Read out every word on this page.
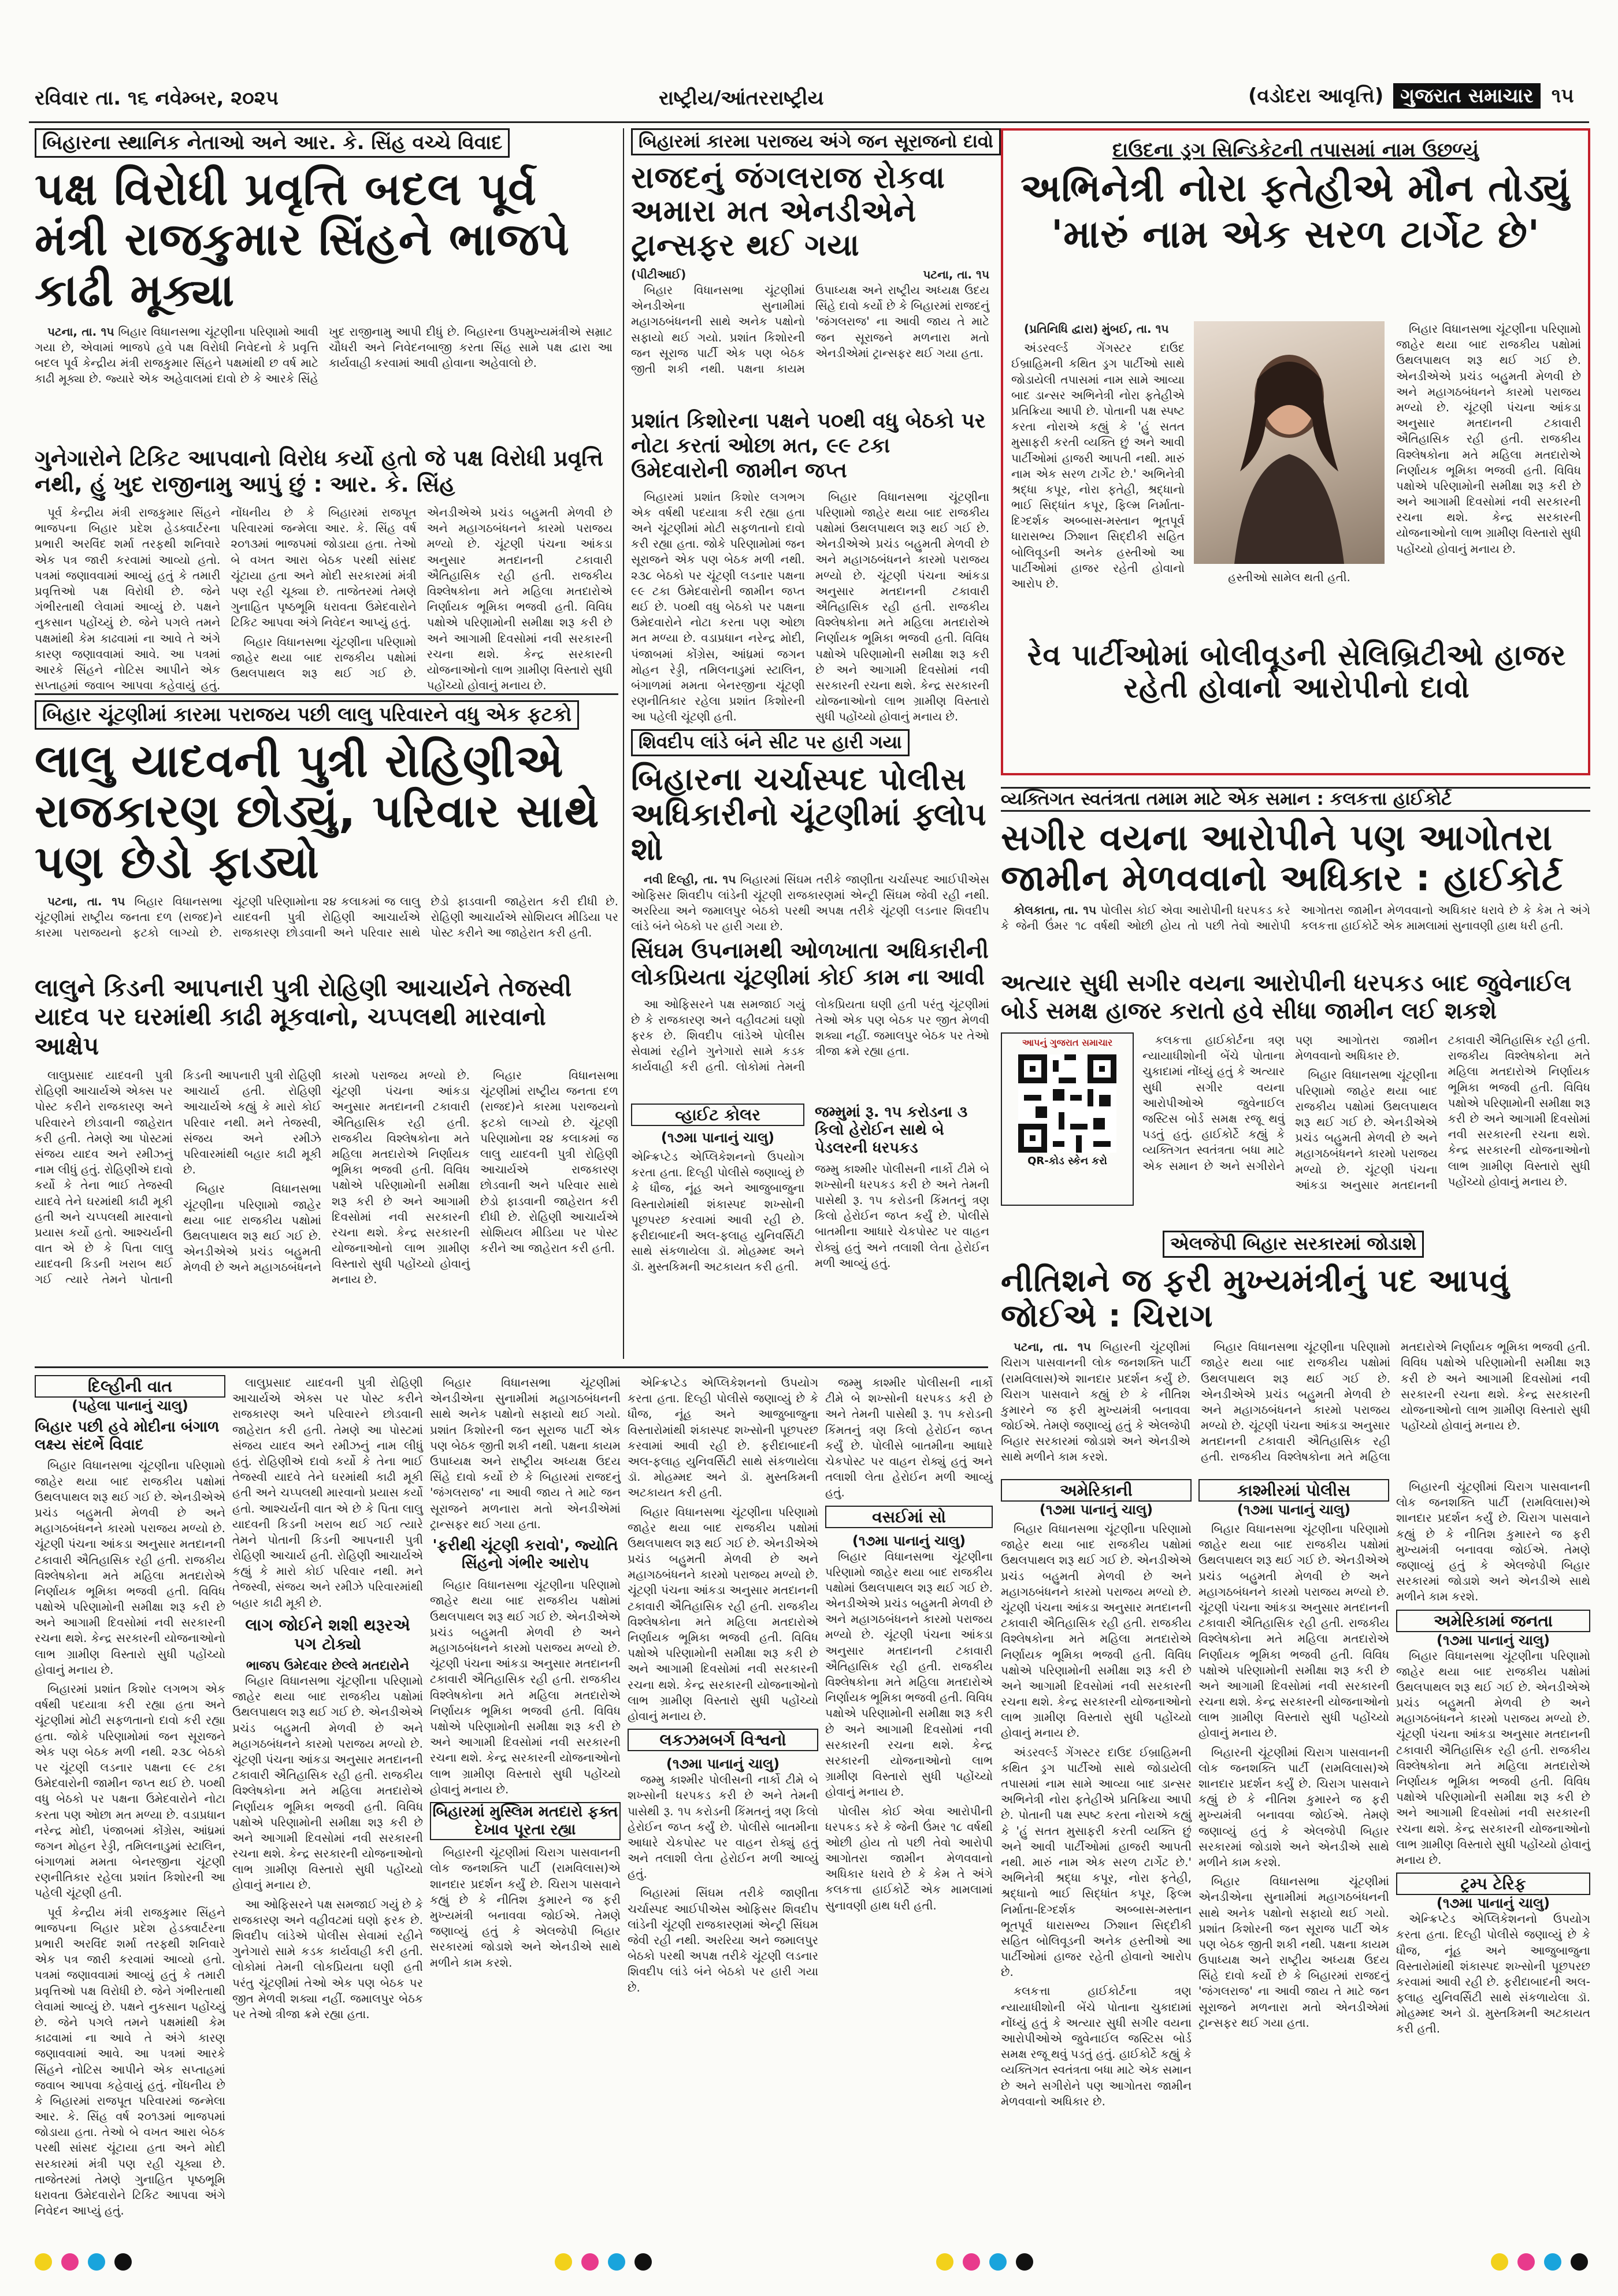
રવિવાર તા. ૧૬ નવેમ્બર, ૨૦૨૫	રાષ્ટ્રીય/આંતરરાષ્ટ્રીય	(વડોદરા આવૃત્તિ) ગુજરાત સમાચાર ૧૫
બિહારના સ્થાનિક નેતાઓ અને આર. કે. સિંહ વચ્ચે વિવાદ
પક્ષ વિરોધી પ્રવૃત્તિ બદલ પૂર્વ મંત્રી રાજકુમાર સિંહને ભાજપે કાઢી મૂક્યા

પટના, તા. ૧૫ બિહાર વિધાનસભા ચૂંટણીના પરિણામો આવી ગયા છે, એવામાં ભાજપે હવે પક્ષ વિરોધી નિવેદનો કે પ્રવૃત્તિ બદલ પૂર્વ કેન્દ્રીય મંત્રી રાજકુમાર સિંહને પક્ષમાંથી છ વર્ષ માટે કાઢી મૂક્યા છે. જ્યારે એક અહેવાલમાં દાવો છે કે આરકે સિંહે ખુદ રાજીનામુ આપી દીધું છે. બિહારના ઉપમુખ્યમંત્રીએ સમ્રાટ ચૌધરી અને નિવેદનબાજી કરતા સિંહ સામે પક્ષ દ્વારા આ કાર્યવાહી કરવામાં આવી હોવાના અહેવાલો છે.

ગુનેગારોને ટિકિટ આપવાનો વિરોધ કર્યો હતો જે પક્ષ વિરોધી પ્રવૃત્તિ નથી, હું ખુદ રાજીનામુ આપું છું : આર. કે. સિંહ

પૂર્વ કેન્દ્રીય મંત્રી રાજકુમાર સિંહને ભાજપના બિહાર પ્રદેશ હેડક્વાર્ટરના પ્રભારી અરવિંદ શર્મા તરફથી શનિવારે એક પત્ર જારી કરવામાં આવ્યો હતો. પત્રમાં જણાવવામાં આવ્યું હતું કે તમારી પ્રવૃત્તિઓ પક્ષ વિરોધી છે. જેને ગંભીરતાથી લેવામાં આવ્યું છે. પક્ષને નુકસાન પહોંચ્યું છે. જેને પગલે તમને પક્ષમાંથી કેમ કાઢવામાં ના આવે તે અંગે કારણ જણાવવામાં આવે. આ પત્રમાં આરકે સિંહને નોટિસ આપીને એક સપ્તાહમાં જવાબ આપવા કહેવાયું હતું. નોંધનીય છે કે બિહારમાં રાજપૂત પરિવારમાં જન્મેલા આર. કે. સિંહ વર્ષ ૨૦૧૩માં ભાજપમાં જોડાયા હતા. તેઓ બે વખત આરા બેઠક પરથી સાંસદ ચૂંટાયા હતા અને મોદી સરકારમાં મંત્રી પણ રહી ચૂક્યા છે. તાજેતરમાં તેમણે ગુનાહિત પૃષ્ઠભૂમિ ધરાવતા ઉમેદવારોને ટિકિટ આપવા અંગે નિવેદન આપ્યું હતું.

બિહાર વિધાનસભા ચૂંટણીના પરિણામો જાહેર થયા બાદ રાજકીય પક્ષોમાં ઉથલપાથલ શરૂ થઈ ગઈ છે. એનડીએએ પ્રચંડ બહુમતી મેળવી છે અને મહાગઠબંધનને કારમો પરાજય મળ્યો છે. ચૂંટણી પંચના આંકડા અનુસાર મતદાનની ટકાવારી ઐતિહાસિક રહી હતી. રાજકીય વિશ્લેષકોના મતે મહિલા મતદારોએ નિર્ણાયક ભૂમિકા ભજવી હતી. વિવિધ પક્ષોએ પરિણામોની સમીક્ષા શરૂ કરી છે અને આગામી દિવસોમાં નવી સરકારની રચના થશે. કેન્દ્ર સરકારની યોજનાઓનો લાભ ગ્રામીણ વિસ્તારો સુધી પહોંચ્યો હોવાનું મનાય છે.

બિહારમાં કારમા પરાજય અંગે જન સૂરાજનો દાવો
રાજદનું જંગલરાજ રોકવા અમારા મત એનડીએને ટ્રાન્સફર થઈ ગયા
(પીટીઆઈ)	પટના, તા. ૧૫

બિહાર વિધાનસભા ચૂંટણીમાં એનડીએના સુનામીમાં મહાગઠબંધનની સાથે અનેક પક્ષોનો સફાયો થઈ ગયો. પ્રશાંત કિશોરની જન સૂરાજ પાર્ટી એક પણ બેઠક જીતી શકી નથી. પક્ષના કાયમ ઉપાધ્યક્ષ અને રાષ્ટ્રીય અધ્યક્ષ ઉદય સિંહે દાવો કર્યો છે કે બિહારમાં રાજદનું 'જંગલરાજ' ના આવી જાય તે માટે જન સૂરાજને મળનારા મતો એનડીએમાં ટ્રાન્સફર થઈ ગયા હતા.

પ્રશાંત કિશોરના પક્ષને ૫૦થી વધુ બેઠકો પર નોટા કરતાં ઓછા મત, ૯૯ ટકા ઉમેદવારોની જામીન જપ્ત

બિહારમાં પ્રશાંત કિશોર લગભગ એક વર્ષથી પદયાત્રા કરી રહ્યા હતા અને ચૂંટણીમાં મોટી સફળતાનો દાવો કરી રહ્યા હતા. જોકે પરિણામોમાં જન સૂરાજને એક પણ બેઠક મળી નથી. ૨૩૮ બેઠકો પર ચૂંટણી લડનાર પક્ષના ૯૯ ટકા ઉમેદવારોની જામીન જપ્ત થઈ છે. ૫૦થી વધુ બેઠકો પર પક્ષના ઉમેદવારોને નોટા કરતા પણ ઓછા મત મળ્યા છે. વડાપ્રધાન નરેન્દ્ર મોદી, પંજાબમાં કોંગ્રેસ, આંધ્રમાં જગન મોહન રેડ્ડી, તમિલનાડુમાં સ્ટાલિન, બંગાળમાં મમતા બેનરજીના ચૂંટણી રણનીતિકાર રહેલા પ્રશાંત કિશોરની આ પહેલી ચૂંટણી હતી.

બિહાર વિધાનસભા ચૂંટણીના પરિણામો જાહેર થયા બાદ રાજકીય પક્ષોમાં ઉથલપાથલ શરૂ થઈ ગઈ છે. એનડીએએ પ્રચંડ બહુમતી મેળવી છે અને મહાગઠબંધનને કારમો પરાજય મળ્યો છે. ચૂંટણી પંચના આંકડા અનુસાર મતદાનની ટકાવારી ઐતિહાસિક રહી હતી. રાજકીય વિશ્લેષકોના મતે મહિલા મતદારોએ નિર્ણાયક ભૂમિકા ભજવી હતી. વિવિધ પક્ષોએ પરિણામોની સમીક્ષા શરૂ કરી છે અને આગામી દિવસોમાં નવી સરકારની રચના થશે. કેન્દ્ર સરકારની યોજનાઓનો લાભ ગ્રામીણ વિસ્તારો સુધી પહોંચ્યો હોવાનું મનાય છે.

દાઉદના ડ્રગ સિન્ડિકેટની તપાસમાં નામ ઉછળ્યું
અભિનેત્રી નોરા ફતેહીએ મૌન તોડ્યું
'મારું નામ એક સરળ ટાર્ગેટ છે'

(પ્રતિનિધિ દ્વારા) મુંબઈ, તા. ૧૫

અંડરવર્લ્ડ ગેંગસ્ટર દાઉદ ઈબ્રાહિમની કથિત ડ્રગ પાર્ટીઓ સાથે જોડાયેલી તપાસમાં નામ સામે આવ્યા બાદ ડાન્સર અભિનેત્રી નોરા ફતેહીએ પ્રતિક્રિયા આપી છે. પોતાની પક્ષ સ્પષ્ટ કરતા નોરાએ કહ્યું કે 'હું સતત મુસાફરી કરતી વ્યક્તિ છું અને આવી પાર્ટીઓમાં હાજરી આપતી નથી. મારું નામ એક સરળ ટાર્ગેટ છે.' અભિનેત્રી શ્રદ્ધા કપૂર, નોરા ફતેહી, શ્રદ્ધાનો ભાઈ સિદ્ધાંત કપૂર, ફિલ્મ નિર્માતા-દિગ્દર્શક અબ્બાસ-મસ્તાન ભૂતપૂર્વ ધારાસભ્ય ઝિશાન સિદ્દીકી સહિત બોલિવૂડની અનેક હસ્તીઓ આ પાર્ટીઓમાં હાજર રહેતી હોવાનો આરોપ છે.	હસ્તીઓ સામેલ થતી હતી.

બિહાર વિધાનસભા ચૂંટણીના પરિણામો જાહેર થયા બાદ રાજકીય પક્ષોમાં ઉથલપાથલ શરૂ થઈ ગઈ છે. એનડીએએ પ્રચંડ બહુમતી મેળવી છે અને મહાગઠબંધનને કારમો પરાજય મળ્યો છે. ચૂંટણી પંચના આંકડા અનુસાર મતદાનની ટકાવારી ઐતિહાસિક રહી હતી. રાજકીય વિશ્લેષકોના મતે મહિલા મતદારોએ નિર્ણાયક ભૂમિકા ભજવી હતી. વિવિધ પક્ષોએ પરિણામોની સમીક્ષા શરૂ કરી છે અને આગામી દિવસોમાં નવી સરકારની રચના થશે. કેન્દ્ર સરકારની યોજનાઓનો લાભ ગ્રામીણ વિસ્તારો સુધી પહોંચ્યો હોવાનું મનાય છે.

રેવ પાર્ટીઓમાં બોલીવૂડની સેલિબ્રિટીઓ હાજર રહેતી હોવાનો આરોપીનો દાવો
બિહાર ચૂંટણીમાં કારમા પરાજય પછી લાલુ પરિવારને વધુ એક ફટકો
લાલુ યાદવની પુત્રી રોહિણીએ રાજકારણ છોડ્યું, પરિવાર સાથે પણ છેડો ફાડ્યો

પટના, તા. ૧૫ બિહાર વિધાનસભા ચૂંટણીમાં રાષ્ટ્રીય જનતા દળ (રાજદ)ને કારમા પરાજયનો ફટકો લાગ્યો છે. ચૂંટણી પરિણામોના ૨૪ કલાકમાં જ લાલુ યાદવની પુત્રી રોહિણી આચાર્યએ રાજકારણ છોડવાની અને પરિવાર સાથે છેડો ફાડવાની જાહેરાત કરી દીધી છે. રોહિણી આચાર્યએ સોશિયલ મીડિયા પર પોસ્ટ કરીને આ જાહેરાત કરી હતી.

લાલુને કિડની આપનારી પુત્રી રોહિણી આચાર્યને તેજસ્વી યાદવ પર ઘરમાંથી કાઢી મૂકવાનો, ચપ્પલથી મારવાનો આક્ષેપ

લાલુપ્રસાદ યાદવની પુત્રી રોહિણી આચાર્યએ એક્સ પર પોસ્ટ કરીને રાજકારણ અને પરિવારને છોડવાની જાહેરાત કરી હતી. તેમણે આ પોસ્ટમાં સંજય યાદવ અને રમીઝનું નામ લીધું હતું. રોહિણીએ દાવો કર્યો કે તેના ભાઈ તેજસ્વી યાદવે તેને ઘરમાંથી કાઢી મૂકી હતી અને ચપ્પલથી મારવાનો પ્રયાસ કર્યો હતો. આશ્ચર્યની વાત એ છે કે પિતા લાલુ યાદવની કિડની ખરાબ થઈ ગઈ ત્યારે તેમને પોતાની કિડની આપનારી પુત્રી રોહિણી આચાર્ય હતી. રોહિણી આચાર્યએ કહ્યું કે મારો કોઈ પરિવાર નથી. મને તેજસ્વી, સંજય અને રમીઝે પરિવારમાંથી બહાર કાઢી મૂકી છે.

બિહાર વિધાનસભા ચૂંટણીના પરિણામો જાહેર થયા બાદ રાજકીય પક્ષોમાં ઉથલપાથલ શરૂ થઈ ગઈ છે. એનડીએએ પ્રચંડ બહુમતી મેળવી છે અને મહાગઠબંધનને કારમો પરાજય મળ્યો છે. ચૂંટણી પંચના આંકડા અનુસાર મતદાનની ટકાવારી ઐતિહાસિક રહી હતી. રાજકીય વિશ્લેષકોના મતે મહિલા મતદારોએ નિર્ણાયક ભૂમિકા ભજવી હતી. વિવિધ પક્ષોએ પરિણામોની સમીક્ષા શરૂ કરી છે અને આગામી દિવસોમાં નવી સરકારની રચના થશે. કેન્દ્ર સરકારની યોજનાઓનો લાભ ગ્રામીણ વિસ્તારો સુધી પહોંચ્યો હોવાનું મનાય છે.

બિહાર વિધાનસભા ચૂંટણીમાં રાષ્ટ્રીય જનતા દળ (રાજદ)ને કારમા પરાજયનો ફટકો લાગ્યો છે. ચૂંટણી પરિણામોના ૨૪ કલાકમાં જ લાલુ યાદવની પુત્રી રોહિણી આચાર્યએ રાજકારણ છોડવાની અને પરિવાર સાથે છેડો ફાડવાની જાહેરાત કરી દીધી છે. રોહિણી આચાર્યએ સોશિયલ મીડિયા પર પોસ્ટ કરીને આ જાહેરાત કરી હતી.

શિવદીપ લાંડે બંને સીટ પર હારી ગયા
બિહારના ચર્ચાસ્પદ પોલીસ અધિકારીનો ચૂંટણીમાં ફ્લોપ શો

નવી દિલ્હી, તા. ૧૫ બિહારમાં સિંઘમ તરીકે જાણીતા ચર્ચાસ્પદ આઈપીએસ ઓફિસર શિવદીપ લાંડેની ચૂંટણી રાજકારણમાં એન્ટ્રી સિંઘમ જેવી રહી નથી. અરરિયા અને જમાલપુર બેઠકો પરથી અપક્ષ તરીકે ચૂંટણી લડનાર શિવદીપ લાંડે બંને બેઠકો પર હારી ગયા છે.

સિંઘમ ઉપનામથી ઓળખાતા અધિકારીની લોકપ્રિયતા ચૂંટણીમાં કોઈ કામ ના આવી

આ ઓફિસરને પક્ષ સમજાઈ ગયું છે કે રાજકારણ અને વહીવટમાં ઘણો ફરક છે. શિવદીપ લાંડેએ પોલીસ સેવામાં રહીને ગુનેગારો સામે કડક કાર્યવાહી કરી હતી. લોકોમાં તેમની લોકપ્રિયતા ઘણી હતી પરંતુ ચૂંટણીમાં તેઓ એક પણ બેઠક પર જીત મેળવી શક્યા નહીં. જમાલપુર બેઠક પર તેઓ ત્રીજા ક્રમે રહ્યા હતા.

વ્હાઈટ કોલર
(૧૭મા પાનાનું ચાલુ)
એન્ક્રિપ્ટેડ એપ્લિકેશનનો ઉપયોગ કરતા હતા. દિલ્હી પોલીસે જણાવ્યું છે કે ધૌજ, નૂંહ અને આજુબાજુના વિસ્તારોમાંથી શંકાસ્પદ શખ્સોની પૂછપરછ કરવામાં આવી રહી છે. ફરીદાબાદની અલ-ફલાહ યુનિવર્સિટી સાથે સંકળાયેલા ડૉ. મોહમ્મદ અને ડૉ. મુસ્તકિમની અટકાયત કરી હતી.
જમ્મુમાં રૂ. ૧૫ કરોડના ૩ કિલો હેરોઈન સાથે બે પેડલરની ધરપકડ
જમ્મુ કાશ્મીર પોલીસની નાર્કો ટીમે બે શખ્સોની ધરપકડ કરી છે અને તેમની પાસેથી રૂ. ૧૫ કરોડની કિંમતનું ત્રણ કિલો હેરોઈન જપ્ત કર્યું છે. પોલીસે બાતમીના આધારે ચેકપોસ્ટ પર વાહન રોક્યું હતું અને તલાશી લેતા હેરોઈન મળી આવ્યું હતું.
વ્યક્તિગત સ્વતંત્રતા તમામ માટે એક સમાન : કલકત્તા હાઈકોર્ટ
સગીર વયના આરોપીને પણ આગોતરા જામીન મેળવવાનો અધિકાર : હાઈકોર્ટ

કોલકાતા, તા. ૧૫ પોલીસ કોઈ એવા આરોપીની ધરપકડ કરે કે જેની ઉંમર ૧૮ વર્ષથી ઓછી હોય તો પછી તેવો આરોપી આગોતરા જામીન મેળવવાનો અધિકાર ધરાવે છે કે કેમ તે અંગે કલકત્તા હાઈકોર્ટે એક મામલામાં સુનાવણી હાથ ધરી હતી.

અત્યાર સુધી સગીર વયના આરોપીની ધરપકડ બાદ જુવેનાઈલ બોર્ડ સમક્ષ હાજર કરાતો હવે સીધા જામીન લઈ શકશે
આપનું ગુજરાત સમાચાર
QR-કોડ સ્કેન કરો

કલકત્તા હાઈકોર્ટના ત્રણ ન્યાયાધીશોની બેંચે પોતાના ચુકાદામાં નોંધ્યું હતું કે અત્યાર સુધી સગીર વયના આરોપીઓએ જુવેનાઈલ જસ્ટિસ બોર્ડ સમક્ષ રજૂ થવું પડતું હતું. હાઈકોર્ટે કહ્યું કે વ્યક્તિગત સ્વતંત્રતા બધા માટે એક સમાન છે અને સગીરોને પણ આગોતરા જામીન મેળવવાનો અધિકાર છે.

બિહાર વિધાનસભા ચૂંટણીના પરિણામો જાહેર થયા બાદ રાજકીય પક્ષોમાં ઉથલપાથલ શરૂ થઈ ગઈ છે. એનડીએએ પ્રચંડ બહુમતી મેળવી છે અને મહાગઠબંધનને કારમો પરાજય મળ્યો છે. ચૂંટણી પંચના આંકડા અનુસાર મતદાનની ટકાવારી ઐતિહાસિક રહી હતી. રાજકીય વિશ્લેષકોના મતે મહિલા મતદારોએ નિર્ણાયક ભૂમિકા ભજવી હતી. વિવિધ પક્ષોએ પરિણામોની સમીક્ષા શરૂ કરી છે અને આગામી દિવસોમાં નવી સરકારની રચના થશે. કેન્દ્ર સરકારની યોજનાઓનો લાભ ગ્રામીણ વિસ્તારો સુધી પહોંચ્યો હોવાનું મનાય છે.

એલજેપી બિહાર સરકારમાં જોડાશે
નીતિશને જ ફરી મુખ્યમંત્રીનું પદ આપવું જોઈએ : ચિરાગ

પટના, તા. ૧૫ બિહારની ચૂંટણીમાં ચિરાગ પાસવાનની લોક જનશક્તિ પાર્ટી (રામવિલાસ)એ શાનદાર પ્રદર્શન કર્યું છે. ચિરાગ પાસવાને કહ્યું છે કે નીતિશ કુમારને જ ફરી મુખ્યમંત્રી બનાવવા જોઈએ. તેમણે જણાવ્યું હતું કે એલજેપી બિહાર સરકારમાં જોડાશે અને એનડીએ સાથે મળીને કામ કરશે.

બિહાર વિધાનસભા ચૂંટણીના પરિણામો જાહેર થયા બાદ રાજકીય પક્ષોમાં ઉથલપાથલ શરૂ થઈ ગઈ છે. એનડીએએ પ્રચંડ બહુમતી મેળવી છે અને મહાગઠબંધનને કારમો પરાજય મળ્યો છે. ચૂંટણી પંચના આંકડા અનુસાર મતદાનની ટકાવારી ઐતિહાસિક રહી હતી. રાજકીય વિશ્લેષકોના મતે મહિલા મતદારોએ નિર્ણાયક ભૂમિકા ભજવી હતી. વિવિધ પક્ષોએ પરિણામોની સમીક્ષા શરૂ કરી છે અને આગામી દિવસોમાં નવી સરકારની રચના થશે. કેન્દ્ર સરકારની યોજનાઓનો લાભ ગ્રામીણ વિસ્તારો સુધી પહોંચ્યો હોવાનું મનાય છે.

દિલ્હીની વાત
(પહેલા પાનાનું ચાલુ)
બિહાર પછી હવે મોદીના બંગાળ લક્ષ્ય સંદર્ભે વિવાદ

બિહાર વિધાનસભા ચૂંટણીના પરિણામો જાહેર થયા બાદ રાજકીય પક્ષોમાં ઉથલપાથલ શરૂ થઈ ગઈ છે. એનડીએએ પ્રચંડ બહુમતી મેળવી છે અને મહાગઠબંધનને કારમો પરાજય મળ્યો છે. ચૂંટણી પંચના આંકડા અનુસાર મતદાનની ટકાવારી ઐતિહાસિક રહી હતી. રાજકીય વિશ્લેષકોના મતે મહિલા મતદારોએ નિર્ણાયક ભૂમિકા ભજવી હતી. વિવિધ પક્ષોએ પરિણામોની સમીક્ષા શરૂ કરી છે અને આગામી દિવસોમાં નવી સરકારની રચના થશે. કેન્દ્ર સરકારની યોજનાઓનો લાભ ગ્રામીણ વિસ્તારો સુધી પહોંચ્યો હોવાનું મનાય છે.

બિહારમાં પ્રશાંત કિશોર લગભગ એક વર્ષથી પદયાત્રા કરી રહ્યા હતા અને ચૂંટણીમાં મોટી સફળતાનો દાવો કરી રહ્યા હતા. જોકે પરિણામોમાં જન સૂરાજને એક પણ બેઠક મળી નથી. ૨૩૮ બેઠકો પર ચૂંટણી લડનાર પક્ષના ૯૯ ટકા ઉમેદવારોની જામીન જપ્ત થઈ છે. ૫૦થી વધુ બેઠકો પર પક્ષના ઉમેદવારોને નોટા કરતા પણ ઓછા મત મળ્યા છે. વડાપ્રધાન નરેન્દ્ર મોદી, પંજાબમાં કોંગ્રેસ, આંધ્રમાં જગન મોહન રેડ્ડી, તમિલનાડુમાં સ્ટાલિન, બંગાળમાં મમતા બેનરજીના ચૂંટણી રણનીતિકાર રહેલા પ્રશાંત કિશોરની આ પહેલી ચૂંટણી હતી.

પૂર્વ કેન્દ્રીય મંત્રી રાજકુમાર સિંહને ભાજપના બિહાર પ્રદેશ હેડક્વાર્ટરના પ્રભારી અરવિંદ શર્મા તરફથી શનિવારે એક પત્ર જારી કરવામાં આવ્યો હતો. પત્રમાં જણાવવામાં આવ્યું હતું કે તમારી પ્રવૃત્તિઓ પક્ષ વિરોધી છે. જેને ગંભીરતાથી લેવામાં આવ્યું છે. પક્ષને નુકસાન પહોંચ્યું છે. જેને પગલે તમને પક્ષમાંથી કેમ કાઢવામાં ના આવે તે અંગે કારણ જણાવવામાં આવે. આ પત્રમાં આરકે સિંહને નોટિસ આપીને એક સપ્તાહમાં જવાબ આપવા કહેવાયું હતું. નોંધનીય છે કે બિહારમાં રાજપૂત પરિવારમાં જન્મેલા આર. કે. સિંહ વર્ષ ૨૦૧૩માં ભાજપમાં જોડાયા હતા. તેઓ બે વખત આરા બેઠક પરથી સાંસદ ચૂંટાયા હતા અને મોદી સરકારમાં મંત્રી પણ રહી ચૂક્યા છે. તાજેતરમાં તેમણે ગુનાહિત પૃષ્ઠભૂમિ ધરાવતા ઉમેદવારોને ટિકિટ આપવા અંગે નિવેદન આપ્યું હતું.

લાલુપ્રસાદ યાદવની પુત્રી રોહિણી આચાર્યએ એક્સ પર પોસ્ટ કરીને રાજકારણ અને પરિવારને છોડવાની જાહેરાત કરી હતી. તેમણે આ પોસ્ટમાં સંજય યાદવ અને રમીઝનું નામ લીધું હતું. રોહિણીએ દાવો કર્યો કે તેના ભાઈ તેજસ્વી યાદવે તેને ઘરમાંથી કાઢી મૂકી હતી અને ચપ્પલથી મારવાનો પ્રયાસ કર્યો હતો. આશ્ચર્યની વાત એ છે કે પિતા લાલુ યાદવની કિડની ખરાબ થઈ ગઈ ત્યારે તેમને પોતાની કિડની આપનારી પુત્રી રોહિણી આચાર્ય હતી. રોહિણી આચાર્યએ કહ્યું કે મારો કોઈ પરિવાર નથી. મને તેજસ્વી, સંજય અને રમીઝે પરિવારમાંથી બહાર કાઢી મૂકી છે.

લાગ જોઈને શશી થરૂરએ પગ ટોક્યો
ભાજપ ઉમેદવાર છેલ્લે મતદારોને

બિહાર વિધાનસભા ચૂંટણીના પરિણામો જાહેર થયા બાદ રાજકીય પક્ષોમાં ઉથલપાથલ શરૂ થઈ ગઈ છે. એનડીએએ પ્રચંડ બહુમતી મેળવી છે અને મહાગઠબંધનને કારમો પરાજય મળ્યો છે. ચૂંટણી પંચના આંકડા અનુસાર મતદાનની ટકાવારી ઐતિહાસિક રહી હતી. રાજકીય વિશ્લેષકોના મતે મહિલા મતદારોએ નિર્ણાયક ભૂમિકા ભજવી હતી. વિવિધ પક્ષોએ પરિણામોની સમીક્ષા શરૂ કરી છે અને આગામી દિવસોમાં નવી સરકારની રચના થશે. કેન્દ્ર સરકારની યોજનાઓનો લાભ ગ્રામીણ વિસ્તારો સુધી પહોંચ્યો હોવાનું મનાય છે.

આ ઓફિસરને પક્ષ સમજાઈ ગયું છે કે રાજકારણ અને વહીવટમાં ઘણો ફરક છે. શિવદીપ લાંડેએ પોલીસ સેવામાં રહીને ગુનેગારો સામે કડક કાર્યવાહી કરી હતી. લોકોમાં તેમની લોકપ્રિયતા ઘણી હતી પરંતુ ચૂંટણીમાં તેઓ એક પણ બેઠક પર જીત મેળવી શક્યા નહીં. જમાલપુર બેઠક પર તેઓ ત્રીજા ક્રમે રહ્યા હતા.

બિહાર વિધાનસભા ચૂંટણીમાં એનડીએના સુનામીમાં મહાગઠબંધનની સાથે અનેક પક્ષોનો સફાયો થઈ ગયો. પ્રશાંત કિશોરની જન સૂરાજ પાર્ટી એક પણ બેઠક જીતી શકી નથી. પક્ષના કાયમ ઉપાધ્યક્ષ અને રાષ્ટ્રીય અધ્યક્ષ ઉદય સિંહે દાવો કર્યો છે કે બિહારમાં રાજદનું 'જંગલરાજ' ના આવી જાય તે માટે જન સૂરાજને મળનારા મતો એનડીએમાં ટ્રાન્સફર થઈ ગયા હતા.

'ફરીથી ચૂંટણી કરાવો', જ્યોતિ સિંહનો ગંભીર આરોપ

બિહાર વિધાનસભા ચૂંટણીના પરિણામો જાહેર થયા બાદ રાજકીય પક્ષોમાં ઉથલપાથલ શરૂ થઈ ગઈ છે. એનડીએએ પ્રચંડ બહુમતી મેળવી છે અને મહાગઠબંધનને કારમો પરાજય મળ્યો છે. ચૂંટણી પંચના આંકડા અનુસાર મતદાનની ટકાવારી ઐતિહાસિક રહી હતી. રાજકીય વિશ્લેષકોના મતે મહિલા મતદારોએ નિર્ણાયક ભૂમિકા ભજવી હતી. વિવિધ પક્ષોએ પરિણામોની સમીક્ષા શરૂ કરી છે અને આગામી દિવસોમાં નવી સરકારની રચના થશે. કેન્દ્ર સરકારની યોજનાઓનો લાભ ગ્રામીણ વિસ્તારો સુધી પહોંચ્યો હોવાનું મનાય છે.

બિહારમાં મુસ્લિમ મતદારો ફક્ત દેખાવ પૂરતા રહ્યા

બિહારની ચૂંટણીમાં ચિરાગ પાસવાનની લોક જનશક્તિ પાર્ટી (રામવિલાસ)એ શાનદાર પ્રદર્શન કર્યું છે. ચિરાગ પાસવાને કહ્યું છે કે નીતિશ કુમારને જ ફરી મુખ્યમંત્રી બનાવવા જોઈએ. તેમણે જણાવ્યું હતું કે એલજેપી બિહાર સરકારમાં જોડાશે અને એનડીએ સાથે મળીને કામ કરશે.

એન્ક્રિપ્ટેડ એપ્લિકેશનનો ઉપયોગ કરતા હતા. દિલ્હી પોલીસે જણાવ્યું છે કે ધૌજ, નૂંહ અને આજુબાજુના વિસ્તારોમાંથી શંકાસ્પદ શખ્સોની પૂછપરછ કરવામાં આવી રહી છે. ફરીદાબાદની અલ-ફલાહ યુનિવર્સિટી સાથે સંકળાયેલા ડૉ. મોહમ્મદ અને ડૉ. મુસ્તકિમની અટકાયત કરી હતી.

બિહાર વિધાનસભા ચૂંટણીના પરિણામો જાહેર થયા બાદ રાજકીય પક્ષોમાં ઉથલપાથલ શરૂ થઈ ગઈ છે. એનડીએએ પ્રચંડ બહુમતી મેળવી છે અને મહાગઠબંધનને કારમો પરાજય મળ્યો છે. ચૂંટણી પંચના આંકડા અનુસાર મતદાનની ટકાવારી ઐતિહાસિક રહી હતી. રાજકીય વિશ્લેષકોના મતે મહિલા મતદારોએ નિર્ણાયક ભૂમિકા ભજવી હતી. વિવિધ પક્ષોએ પરિણામોની સમીક્ષા શરૂ કરી છે અને આગામી દિવસોમાં નવી સરકારની રચના થશે. કેન્દ્ર સરકારની યોજનાઓનો લાભ ગ્રામીણ વિસ્તારો સુધી પહોંચ્યો હોવાનું મનાય છે.

લકઝમબર્ગ વિશ્વનો
(૧૭મા પાનાનું ચાલુ)

જમ્મુ કાશ્મીર પોલીસની નાર્કો ટીમે બે શખ્સોની ધરપકડ કરી છે અને તેમની પાસેથી રૂ. ૧૫ કરોડની કિંમતનું ત્રણ કિલો હેરોઈન જપ્ત કર્યું છે. પોલીસે બાતમીના આધારે ચેકપોસ્ટ પર વાહન રોક્યું હતું અને તલાશી લેતા હેરોઈન મળી આવ્યું હતું.

બિહારમાં સિંઘમ તરીકે જાણીતા ચર્ચાસ્પદ આઈપીએસ ઓફિસર શિવદીપ લાંડેની ચૂંટણી રાજકારણમાં એન્ટ્રી સિંઘમ જેવી રહી નથી. અરરિયા અને જમાલપુર બેઠકો પરથી અપક્ષ તરીકે ચૂંટણી લડનાર શિવદીપ લાંડે બંને બેઠકો પર હારી ગયા છે.

જમ્મુ કાશ્મીર પોલીસની નાર્કો ટીમે બે શખ્સોની ધરપકડ કરી છે અને તેમની પાસેથી રૂ. ૧૫ કરોડની કિંમતનું ત્રણ કિલો હેરોઈન જપ્ત કર્યું છે. પોલીસે બાતમીના આધારે ચેકપોસ્ટ પર વાહન રોક્યું હતું અને તલાશી લેતા હેરોઈન મળી આવ્યું હતું.

વસઈમાં સો
(૧૭મા પાનાનું ચાલુ)

બિહાર વિધાનસભા ચૂંટણીના પરિણામો જાહેર થયા બાદ રાજકીય પક્ષોમાં ઉથલપાથલ શરૂ થઈ ગઈ છે. એનડીએએ પ્રચંડ બહુમતી મેળવી છે અને મહાગઠબંધનને કારમો પરાજય મળ્યો છે. ચૂંટણી પંચના આંકડા અનુસાર મતદાનની ટકાવારી ઐતિહાસિક રહી હતી. રાજકીય વિશ્લેષકોના મતે મહિલા મતદારોએ નિર્ણાયક ભૂમિકા ભજવી હતી. વિવિધ પક્ષોએ પરિણામોની સમીક્ષા શરૂ કરી છે અને આગામી દિવસોમાં નવી સરકારની રચના થશે. કેન્દ્ર સરકારની યોજનાઓનો લાભ ગ્રામીણ વિસ્તારો સુધી પહોંચ્યો હોવાનું મનાય છે.

પોલીસ કોઈ એવા આરોપીની ધરપકડ કરે કે જેની ઉંમર ૧૮ વર્ષથી ઓછી હોય તો પછી તેવો આરોપી આગોતરા જામીન મેળવવાનો અધિકાર ધરાવે છે કે કેમ તે અંગે કલકત્તા હાઈકોર્ટે એક મામલામાં સુનાવણી હાથ ધરી હતી.

અમેરિકાની
(૧૭મા પાનાનું ચાલુ)

બિહાર વિધાનસભા ચૂંટણીના પરિણામો જાહેર થયા બાદ રાજકીય પક્ષોમાં ઉથલપાથલ શરૂ થઈ ગઈ છે. એનડીએએ પ્રચંડ બહુમતી મેળવી છે અને મહાગઠબંધનને કારમો પરાજય મળ્યો છે. ચૂંટણી પંચના આંકડા અનુસાર મતદાનની ટકાવારી ઐતિહાસિક રહી હતી. રાજકીય વિશ્લેષકોના મતે મહિલા મતદારોએ નિર્ણાયક ભૂમિકા ભજવી હતી. વિવિધ પક્ષોએ પરિણામોની સમીક્ષા શરૂ કરી છે અને આગામી દિવસોમાં નવી સરકારની રચના થશે. કેન્દ્ર સરકારની યોજનાઓનો લાભ ગ્રામીણ વિસ્તારો સુધી પહોંચ્યો હોવાનું મનાય છે.

અંડરવર્લ્ડ ગેંગસ્ટર દાઉદ ઈબ્રાહિમની કથિત ડ્રગ પાર્ટીઓ સાથે જોડાયેલી તપાસમાં નામ સામે આવ્યા બાદ ડાન્સર અભિનેત્રી નોરા ફતેહીએ પ્રતિક્રિયા આપી છે. પોતાની પક્ષ સ્પષ્ટ કરતા નોરાએ કહ્યું કે 'હું સતત મુસાફરી કરતી વ્યક્તિ છું અને આવી પાર્ટીઓમાં હાજરી આપતી નથી. મારું નામ એક સરળ ટાર્ગેટ છે.' અભિનેત્રી શ્રદ્ધા કપૂર, નોરા ફતેહી, શ્રદ્ધાનો ભાઈ સિદ્ધાંત કપૂર, ફિલ્મ નિર્માતા-દિગ્દર્શક અબ્બાસ-મસ્તાન ભૂતપૂર્વ ધારાસભ્ય ઝિશાન સિદ્દીકી સહિત બોલિવૂડની અનેક હસ્તીઓ આ પાર્ટીઓમાં હાજર રહેતી હોવાનો આરોપ છે.

કલકત્તા હાઈકોર્ટના ત્રણ ન્યાયાધીશોની બેંચે પોતાના ચુકાદામાં નોંધ્યું હતું કે અત્યાર સુધી સગીર વયના આરોપીઓએ જુવેનાઈલ જસ્ટિસ બોર્ડ સમક્ષ રજૂ થવું પડતું હતું. હાઈકોર્ટે કહ્યું કે વ્યક્તિગત સ્વતંત્રતા બધા માટે એક સમાન છે અને સગીરોને પણ આગોતરા જામીન મેળવવાનો અધિકાર છે.

કાશ્મીરમાં પોલીસ
(૧૭મા પાનાનું ચાલુ)

બિહાર વિધાનસભા ચૂંટણીના પરિણામો જાહેર થયા બાદ રાજકીય પક્ષોમાં ઉથલપાથલ શરૂ થઈ ગઈ છે. એનડીએએ પ્રચંડ બહુમતી મેળવી છે અને મહાગઠબંધનને કારમો પરાજય મળ્યો છે. ચૂંટણી પંચના આંકડા અનુસાર મતદાનની ટકાવારી ઐતિહાસિક રહી હતી. રાજકીય વિશ્લેષકોના મતે મહિલા મતદારોએ નિર્ણાયક ભૂમિકા ભજવી હતી. વિવિધ પક્ષોએ પરિણામોની સમીક્ષા શરૂ કરી છે અને આગામી દિવસોમાં નવી સરકારની રચના થશે. કેન્દ્ર સરકારની યોજનાઓનો લાભ ગ્રામીણ વિસ્તારો સુધી પહોંચ્યો હોવાનું મનાય છે.

બિહારની ચૂંટણીમાં ચિરાગ પાસવાનની લોક જનશક્તિ પાર્ટી (રામવિલાસ)એ શાનદાર પ્રદર્શન કર્યું છે. ચિરાગ પાસવાને કહ્યું છે કે નીતિશ કુમારને જ ફરી મુખ્યમંત્રી બનાવવા જોઈએ. તેમણે જણાવ્યું હતું કે એલજેપી બિહાર સરકારમાં જોડાશે અને એનડીએ સાથે મળીને કામ કરશે.

બિહાર વિધાનસભા ચૂંટણીમાં એનડીએના સુનામીમાં મહાગઠબંધનની સાથે અનેક પક્ષોનો સફાયો થઈ ગયો. પ્રશાંત કિશોરની જન સૂરાજ પાર્ટી એક પણ બેઠક જીતી શકી નથી. પક્ષના કાયમ ઉપાધ્યક્ષ અને રાષ્ટ્રીય અધ્યક્ષ ઉદય સિંહે દાવો કર્યો છે કે બિહારમાં રાજદનું 'જંગલરાજ' ના આવી જાય તે માટે જન સૂરાજને મળનારા મતો એનડીએમાં ટ્રાન્સફર થઈ ગયા હતા.

બિહારની ચૂંટણીમાં ચિરાગ પાસવાનની લોક જનશક્તિ પાર્ટી (રામવિલાસ)એ શાનદાર પ્રદર્શન કર્યું છે. ચિરાગ પાસવાને કહ્યું છે કે નીતિશ કુમારને જ ફરી મુખ્યમંત્રી બનાવવા જોઈએ. તેમણે જણાવ્યું હતું કે એલજેપી બિહાર સરકારમાં જોડાશે અને એનડીએ સાથે મળીને કામ કરશે.

અમેરિકામાં જનતા
(૧૭મા પાનાનું ચાલુ)

બિહાર વિધાનસભા ચૂંટણીના પરિણામો જાહેર થયા બાદ રાજકીય પક્ષોમાં ઉથલપાથલ શરૂ થઈ ગઈ છે. એનડીએએ પ્રચંડ બહુમતી મેળવી છે અને મહાગઠબંધનને કારમો પરાજય મળ્યો છે. ચૂંટણી પંચના આંકડા અનુસાર મતદાનની ટકાવારી ઐતિહાસિક રહી હતી. રાજકીય વિશ્લેષકોના મતે મહિલા મતદારોએ નિર્ણાયક ભૂમિકા ભજવી હતી. વિવિધ પક્ષોએ પરિણામોની સમીક્ષા શરૂ કરી છે અને આગામી દિવસોમાં નવી સરકારની રચના થશે. કેન્દ્ર સરકારની યોજનાઓનો લાભ ગ્રામીણ વિસ્તારો સુધી પહોંચ્યો હોવાનું મનાય છે.

ટ્રમ્પ ટેરિફ
(૧૭મા પાનાનું ચાલુ)

એન્ક્રિપ્ટેડ એપ્લિકેશનનો ઉપયોગ કરતા હતા. દિલ્હી પોલીસે જણાવ્યું છે કે ધૌજ, નૂંહ અને આજુબાજુના વિસ્તારોમાંથી શંકાસ્પદ શખ્સોની પૂછપરછ કરવામાં આવી રહી છે. ફરીદાબાદની અલ-ફલાહ યુનિવર્સિટી સાથે સંકળાયેલા ડૉ. મોહમ્મદ અને ડૉ. મુસ્તકિમની અટકાયત કરી હતી.
